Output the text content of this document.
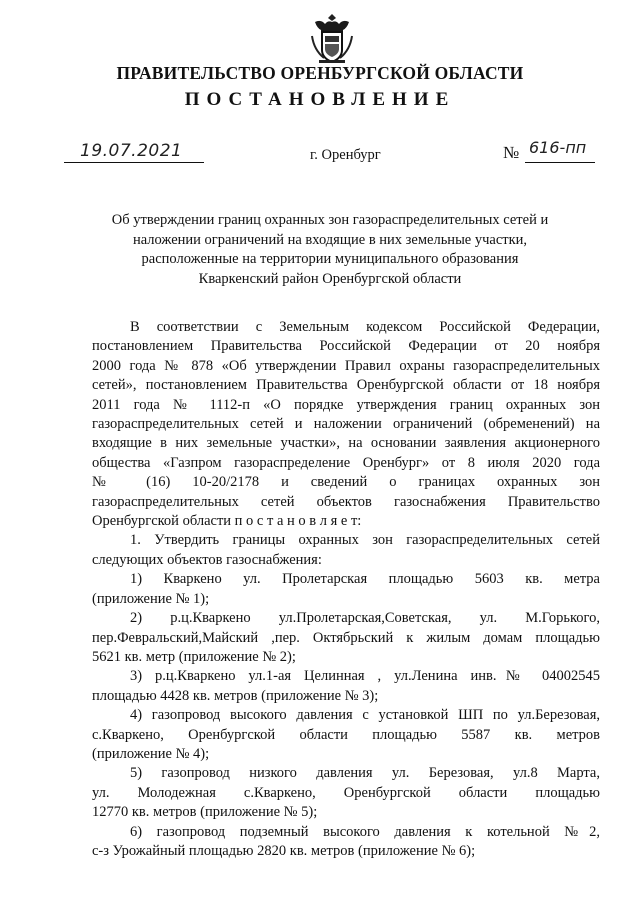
ПРАВИТЕЛЬСТВО ОРЕНБУРГСКОЙ ОБЛАСТИ
ПОСТАНОВЛЕНИЕ
19.07.2021	г. Оренбург	№ 616-пп
Об утверждении границ охранных зон газораспределительных сетей и
наложении ограничений на входящие в них земельные участки,
расположенные на территории муниципального образования
Кваркенский район Оренбургской области
В соответствии с Земельным кодексом Российской Федерации,
постановлением Правительства Российской Федерации от 20 ноября
2000 года № 878 «Об утверждении Правил охраны газораспределительных
сетей», постановлением Правительства Оренбургской области от 18 ноября
2011 года № 1112-п «О порядке утверждения границ охранных зон
газораспределительных сетей и наложении ограничений (обременений) на
входящие в них земельные участки», на основании заявления акционерного
общества «Газпром газораспределение Оренбург» от 8 июля 2020 года
№ (16) 10-20/2178 и сведений о границах охранных зон
газораспределительных сетей объектов газоснабжения Правительство
Оренбургской области п о с т а н о в л я е т:
1. Утвердить границы охранных зон газораспределительных сетей
следующих объектов газоснабжения:
1) Кваркено ул. Пролетарская площадью 5603 кв. метра
(приложение № 1);
2) р.ц.Кваркено ул.Пролетарская,Советская, ул. М.Горького,
пер.Февральский,Майский ,пер. Октябрьский к жилым домам площадью
5621 кв. метр (приложение № 2);
3) р.ц.Кваркено ул.1-ая Целинная , ул.Ленина инв.№ 04002545
площадью 4428 кв. метров (приложение № 3);
4) газопровод высокого давления с установкой ШП по ул.Березовая,
с.Кваркено, Оренбургской области площадью 5587 кв. метров
(приложение № 4);
5) газопровод низкого давления ул. Березовая, ул.8 Марта,
ул. Молодежная с.Кваркено, Оренбургской области площадью
12770 кв. метров (приложение № 5);
6) газопровод подземный высокого давления к котельной №2,
с-з Урожайный площадью 2820 кв. метров (приложение № 6);
